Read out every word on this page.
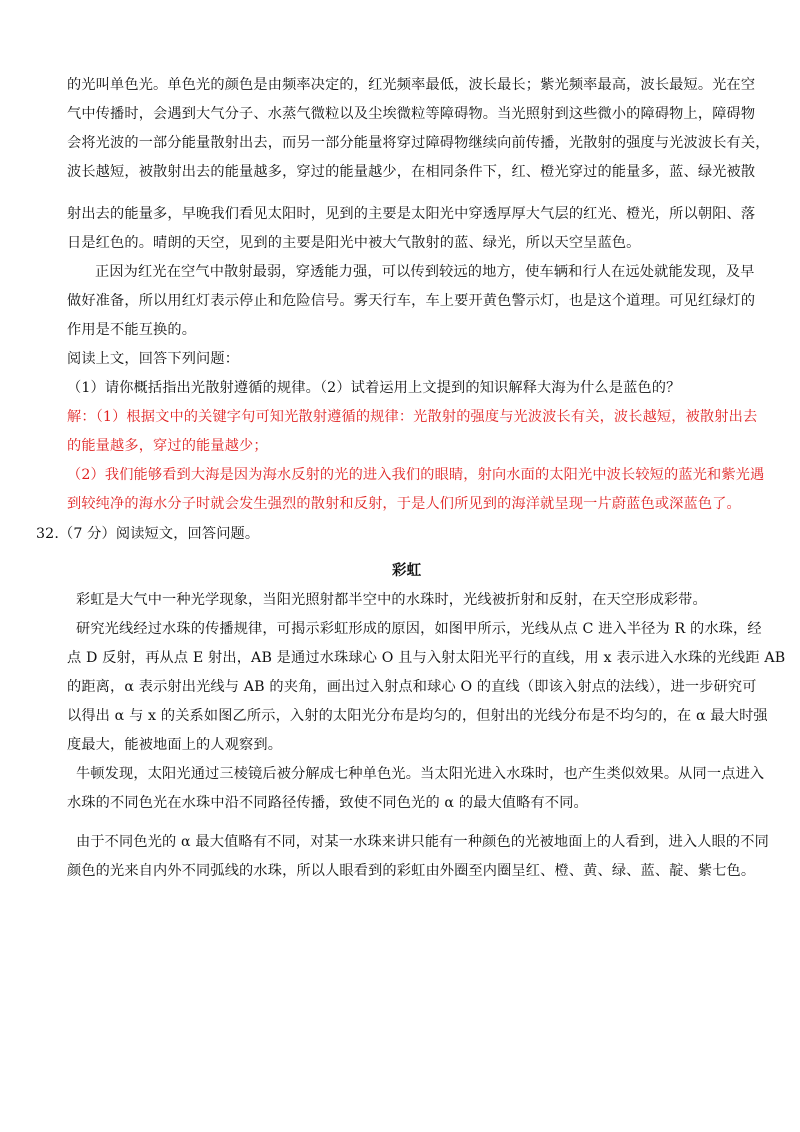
的光叫单色光。单色光的颜色是由频率决定的，红光频率最低，波长最长；紫光频率最高，波长最短。光在空
气中传播时，会遇到大气分子、水蒸气微粒以及尘埃微粒等障碍物。当光照射到这些微小的障碍物上，障碍物
会将光波的一部分能量散射出去，而另一部分能量将穿过障碍物继续向前传播，光散射的强度与光波波长有关，
波长越短，被散射出去的能量越多，穿过的能量越少，在相同条件下，红、橙光穿过的能量多，蓝、绿光被散
射出去的能量多，早晚我们看见太阳时，见到的主要是太阳光中穿透厚厚大气层的红光、橙光，所以朝阳、落
日是红色的。晴朗的天空，见到的主要是阳光中被大气散射的蓝、绿光，所以天空呈蓝色。
正因为红光在空气中散射最弱，穿透能力强，可以传到较远的地方，使车辆和行人在远处就能发现，及早
做好准备，所以用红灯表示停止和危险信号。雾天行车，车上要开黄色警示灯，也是这个道理。可见红绿灯的
作用是不能互换的。
阅读上文，回答下列问题：
（1）请你概括指出光散射遵循的规律。（2）试着运用上文提到的知识解释大海为什么是蓝色的？
解：（1）根据文中的关键字句可知光散射遵循的规律：光散射的强度与光波波长有关，波长越短，被散射出去
的能量越多，穿过的能量越少；
（2）我们能够看到大海是因为海水反射的光的进入我们的眼睛，射向水面的太阳光中波长较短的蓝光和紫光遇
到较纯净的海水分子时就会发生强烈的散射和反射，于是人们所见到的海洋就呈现一片蔚蓝色或深蓝色了。
32.（7 分）阅读短文，回答问题。
彩虹
彩虹是大气中一种光学现象，当阳光照射都半空中的水珠时，光线被折射和反射，在天空形成彩带。
研究光线经过水珠的传播规律，可揭示彩虹形成的原因，如图甲所示，光线从点 C 进入半径为 R 的水珠，经
点 D 反射，再从点 E 射出，AB 是通过水珠球心 O 且与入射太阳光平行的直线，用 x 表示进入水珠的光线距 AB
的距离，α 表示射出光线与 AB 的夹角，画出过入射点和球心 O 的直线（即该入射点的法线），进一步研究可
以得出 α 与 x 的关系如图乙所示，入射的太阳光分布是均匀的，但射出的光线分布是不均匀的，在 α 最大时强
度最大，能被地面上的人观察到。
牛顿发现，太阳光通过三棱镜后被分解成七种单色光。当太阳光进入水珠时，也产生类似效果。从同一点进入
水珠的不同色光在水珠中沿不同路径传播，致使不同色光的 α 的最大值略有不同。
由于不同色光的 α 最大值略有不同，对某一水珠来讲只能有一种颜色的光被地面上的人看到，进入人眼的不同
颜色的光来自内外不同弧线的水珠，所以人眼看到的彩虹由外圈至内圈呈红、橙、黄、绿、蓝、靛、紫七色。
